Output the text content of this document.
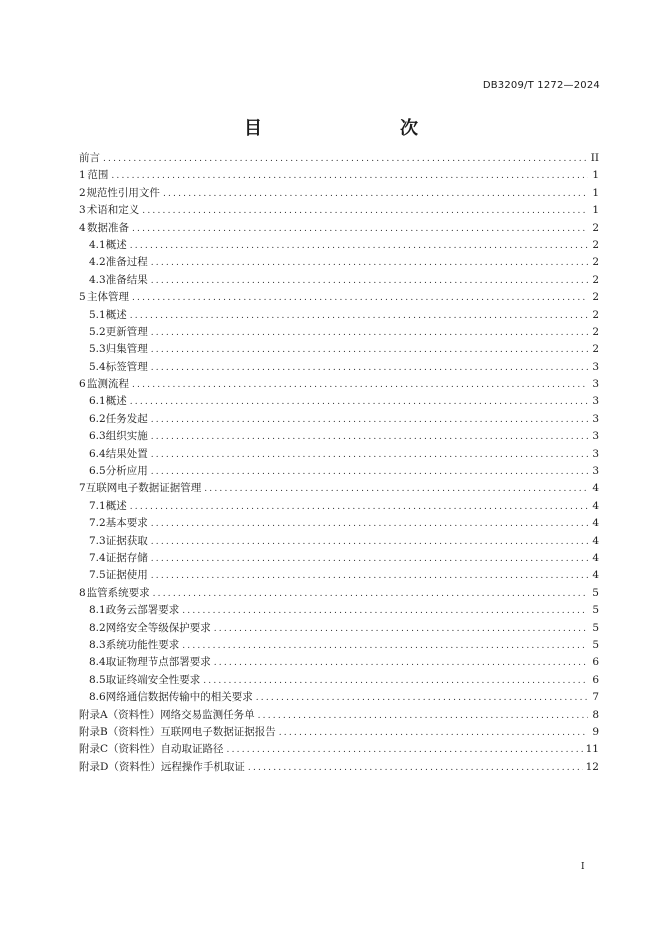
DB3209/T 1272—2024
目　　次
前言 .....	II
1 范围 .....	1
2 规范性引用文件 .....	1
3 术语和定义 .....	1
4 数据准备 .....	2
4.1 概述 .....	2
4.2 准备过程 .....	2
4.3 准备结果 .....	2
5 主体管理 .....	2
5.1 概述 .....	2
5.2 更新管理 .....	2
5.3 归集管理 .....	2
5.4 标签管理 .....	3
6 监测流程 .....	3
6.1 概述 .....	3
6.2 任务发起 .....	3
6.3 组织实施 .....	3
6.4 结果处置 .....	3
6.5 分析应用 .....	3
7 互联网电子数据证据管理 .....	4
7.1 概述 .....	4
7.2 基本要求 .....	4
7.3 证据获取 .....	4
7.4 证据存储 .....	4
7.5 证据使用 .....	4
8 监管系统要求 .....	5
8.1 政务云部署要求 .....	5
8.2 网络安全等级保护要求 .....	5
8.3 系统功能性要求 .....	5
8.4 取证物理节点部署要求 .....	6
8.5 取证终端安全性要求 .....	6
8.6 网络通信数据传输中的相关要求 .....	7
附录A（资料性） 网络交易监测任务单 .....	8
附录B（资料性） 互联网电子数据证据报告 .....	9
附录C（资料性） 自动取证路径 .....	11
附录D（资料性） 远程操作手机取证 .....	12
I
